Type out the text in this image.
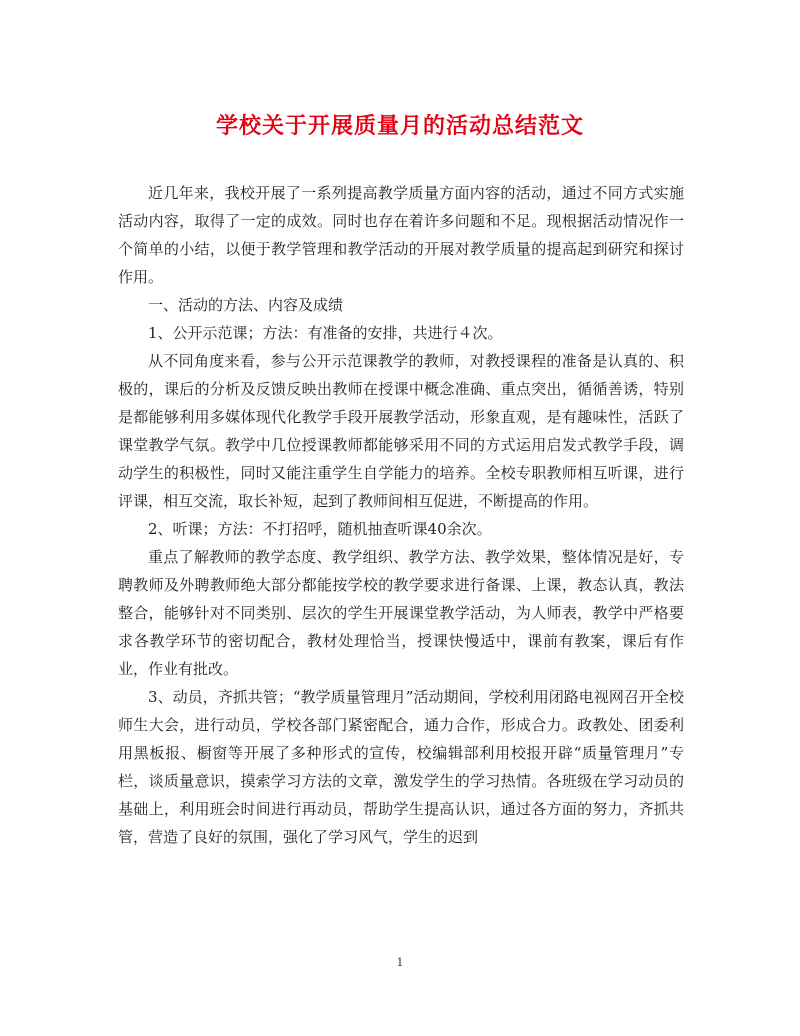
学校关于开展质量月的活动总结范文

近几年来，我校开展了一系列提高教学质量方面内容的活动，通过不同方式实施活动内容，取得了一定的成效。同时也存在着许多问题和不足。现根据活动情况作一个简单的小结，以便于教学管理和教学活动的开展对教学质量的提高起到研究和探讨作用。

一、活动的方法、内容及成绩

1、公开示范课；方法：有准备的安排，共进行４次。

从不同角度来看，参与公开示范课教学的教师，对教授课程的准备是认真的、积极的，课后的分析及反馈反映出教师在授课中概念准确、重点突出，循循善诱，特别是都能够利用多媒体现代化教学手段开展教学活动，形象直观，是有趣味性，活跃了课堂教学气氛。教学中几位授课教师都能够采用不同的方式运用启发式教学手段，调动学生的积极性，同时又能注重学生自学能力的培养。全校专职教师相互听课，进行评课，相互交流，取长补短，起到了教师间相互促进，不断提高的作用。

2、听课；方法：不打招呼，随机抽查听课40余次。

重点了解教师的教学态度、教学组织、教学方法、教学效果，整体情况是好，专聘教师及外聘教师绝大部分都能按学校的教学要求进行备课、上课，教态认真，教法整合，能够针对不同类别、层次的学生开展课堂教学活动，为人师表，教学中严格要求各教学环节的密切配合，教材处理恰当，授课快慢适中，课前有教案，课后有作业，作业有批改。

3、动员，齐抓共管；“教学质量管理月”活动期间，学校利用闭路电视网召开全校师生大会，进行动员，学校各部门紧密配合，通力合作，形成合力。政教处、团委利用黑板报、橱窗等开展了多种形式的宣传，校编辑部利用校报开辟“质量管理月”专栏，谈质量意识，摸索学习方法的文章，激发学生的学习热情。各班级在学习动员的基础上，利用班会时间进行再动员，帮助学生提高认识，通过各方面的努力，齐抓共管，营造了良好的氛围，强化了学习风气，学生的迟到

1
